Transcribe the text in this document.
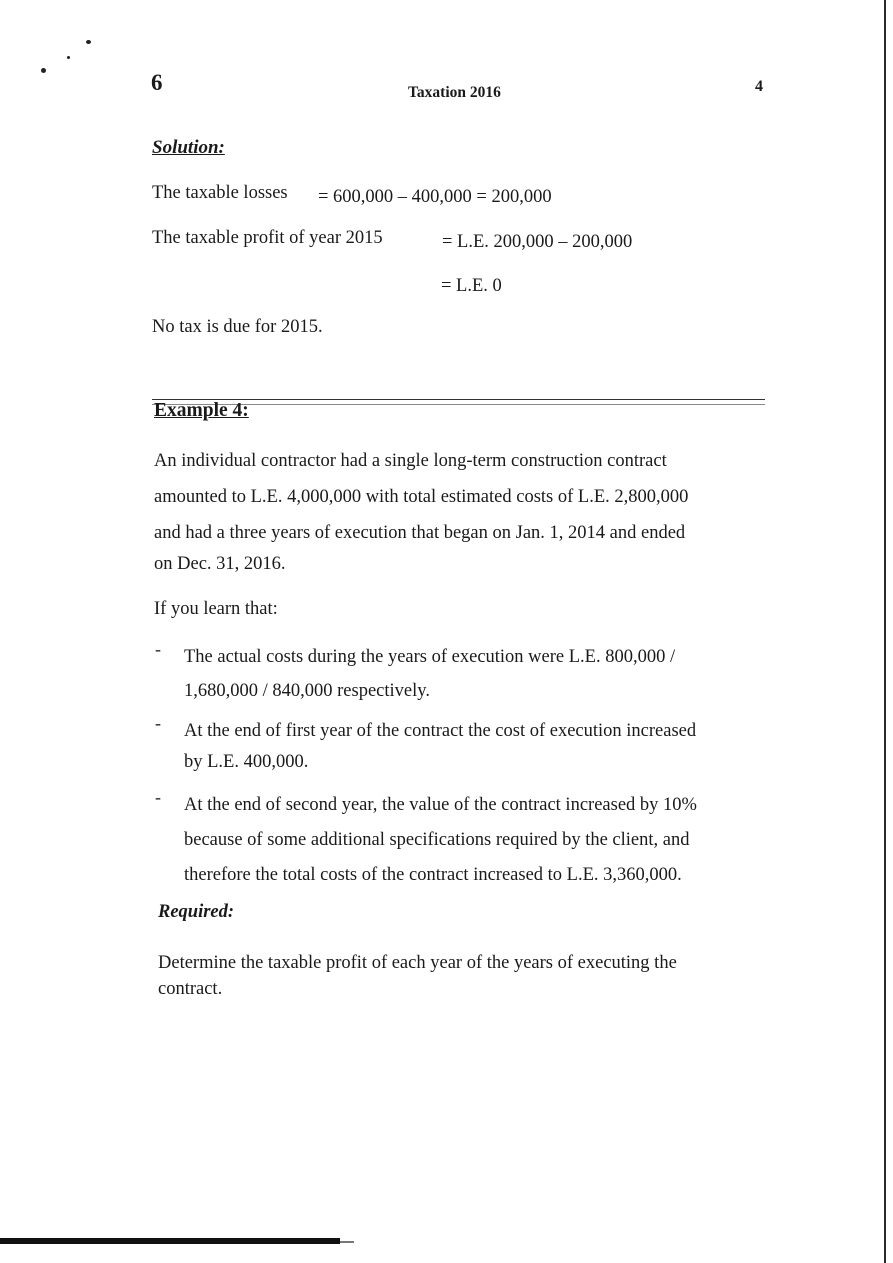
6	Taxation 2016	4
Solution:
The taxable losses = 600,000 – 400,000 = 200,000
The taxable profit of year 2015	= L.E. 200,000 – 200,000
= L.E. 0
No tax is due for 2015.
Example 4:
An individual contractor had a single long-term construction contract
amounted to L.E. 4,000,000 with total estimated costs of L.E. 2,800,000
and had a three years of execution that began on Jan. 1, 2014 and ended
on Dec. 31, 2016.
If you learn that:
- The actual costs during the years of execution were L.E. 800,000 /
1,680,000 / 840,000 respectively.
- At the end of first year of the contract the cost of execution increased
by L.E. 400,000.
- At the end of second year, the value of the contract increased by 10%
because of some additional specifications required by the client, and
therefore the total costs of the contract increased to L.E. 3,360,000.
Required:
Determine the taxable profit of each year of the years of executing the
contract.
